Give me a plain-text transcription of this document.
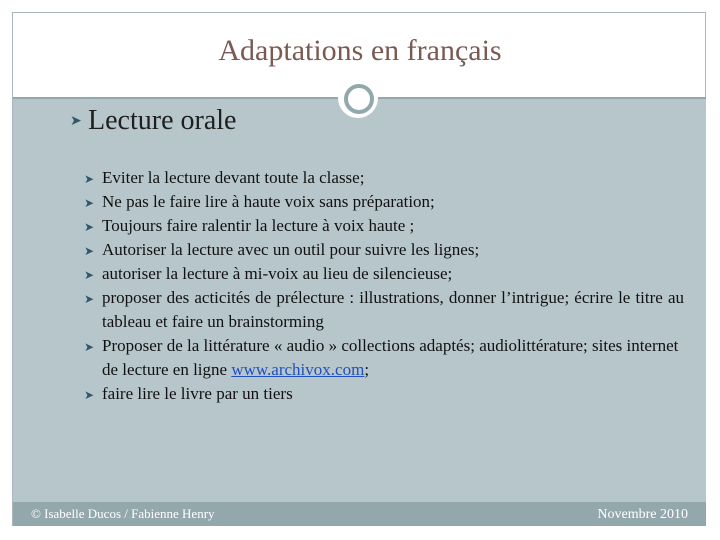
Adaptations en français
➤ Lecture orale
➤ Eviter la lecture devant toute la classe;
➤ Ne pas le faire lire à haute voix sans préparation;
➤ Toujours faire ralentir la lecture à voix haute ;
➤ Autoriser la lecture avec un outil pour suivre les lignes;
➤ autoriser la lecture à mi-voix au lieu de silencieuse;
➤ proposer des acticités de prélecture : illustrations, donner l’intrigue; écrire le titre au tableau et faire un brainstorming
➤ Proposer de la littérature « audio » collections adaptés; audiolittérature; sites internet de lecture en ligne www.archivox.com;
➤ faire lire le livre par un tiers
© Isabelle Ducos / Fabienne Henry	Novembre 2010
